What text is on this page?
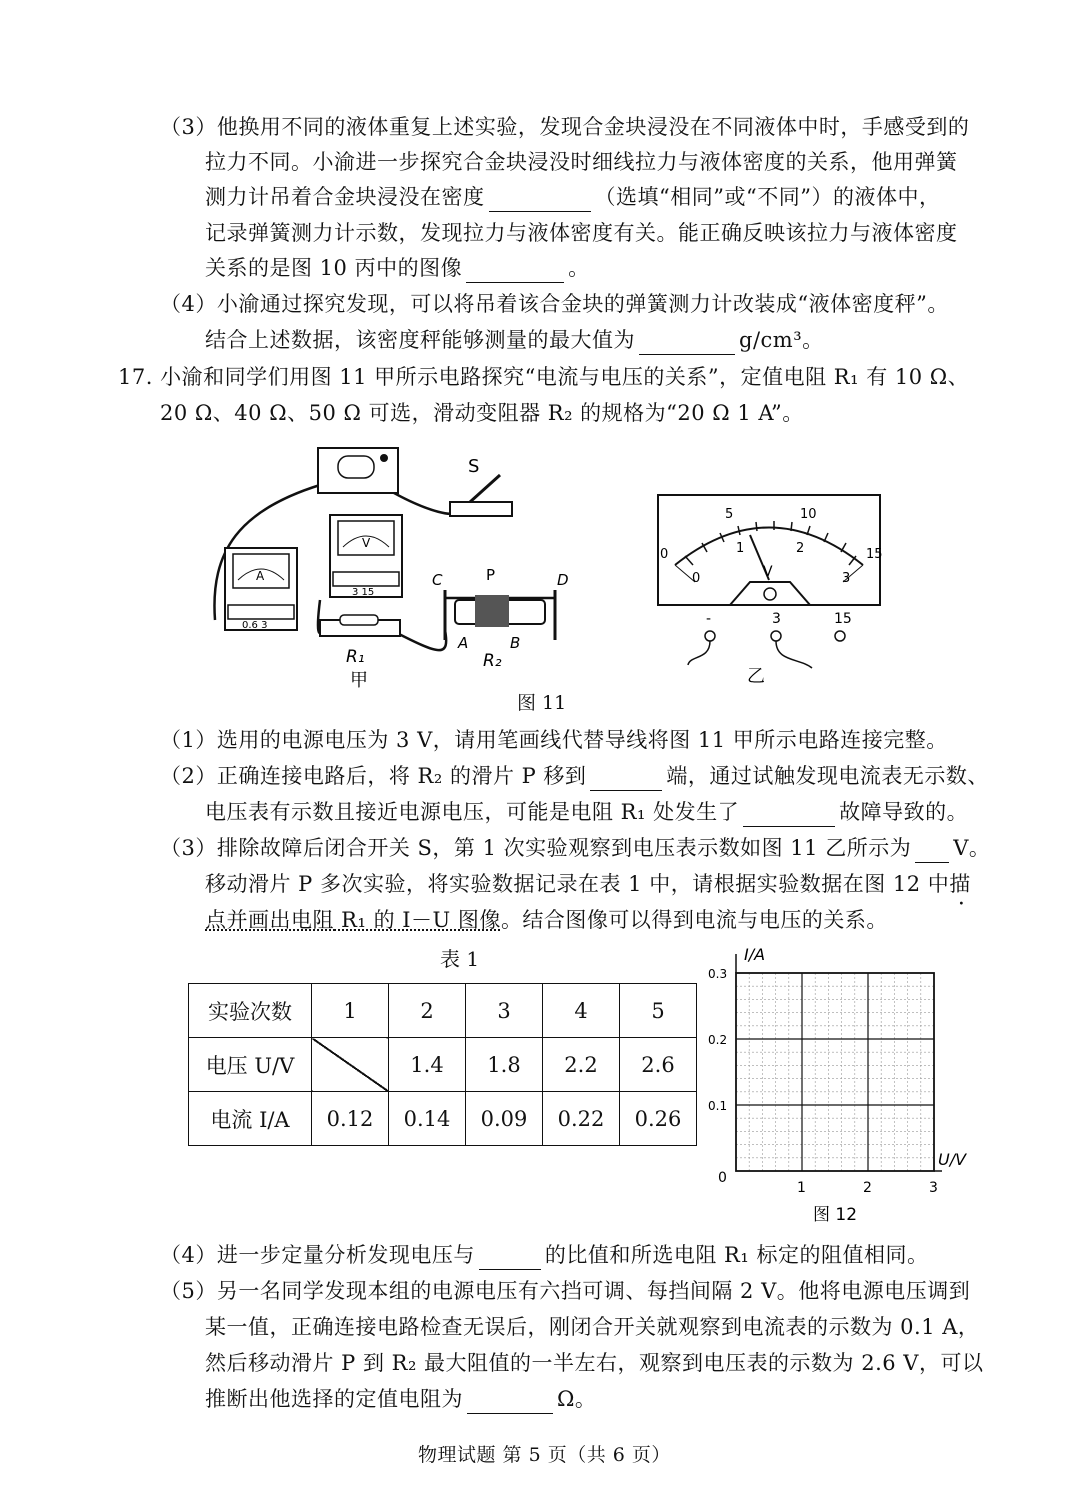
（3）他换用不同的液体重复上述实验，发现合金块浸没在不同液体中时，手感受到的
拉力不同。小渝进一步探究合金块浸没时细线拉力与液体密度的关系，他用弹簧
测力计吊着合金块浸没在密度	（选填“相同”或“不同”）的液体中，
记录弹簧测力计示数，发现拉力与液体密度有关。能正确反映该拉力与液体密度
关系的是图 10 丙中的图像	。
（4）小渝通过探究发现，可以将吊着该合金块的弹簧测力计改装成“液体密度秤”。
结合上述数据，该密度秤能够测量的最大值为	g/cm³。
17. 小渝和同学们用图 11 甲所示电路探究“电流与电压的关系”，定值电阻 R₁ 有 10 Ω、
20 Ω、40 Ω、50 Ω 可选，滑动变阻器 R₂ 的规格为“20 Ω 1 A”。
S
A
0.6 3
V
3 15
R₁
甲
C	P	D
A	B
R₂
V
0
5	10
15
0
1	2
3
-	3	15
乙
图 11
（1）选用的电源电压为 3 V，请用笔画线代替导线将图 11 甲所示电路连接完整。
（2）正确连接电路后，将 R₂ 的滑片 P 移到	端，通过试触发现电流表无示数、
电压表有示数且接近电源电压，可能是电阻 R₁ 处发生了	故障导致的。
（3）排除故障后闭合开关 S，第 1 次实验观察到电压表示数如图 11 乙所示为 V。
移动滑片 P 多次实验，将实验数据记录在表 1 中，请根据实验数据在图 12 中描
点并画出电阻 R₁ 的 I－U 图像。结合图像可以得到电流与电压的关系。
表 1
实验次数	1	2	3	4	5
电压 U/V		1.4	1.8	2.2	2.6
电流 I/A	0.12	0.14	0.09	0.22	0.26
I/A
U/V
0.3
0.2
0.1
0
1	2	3
图 12
（4）进一步定量分析发现电压与	的比值和所选电阻 R₁ 标定的阻值相同。
（5）另一名同学发现本组的电源电压有六挡可调、每挡间隔 2 V。他将电源电压调到
某一值，正确连接电路检查无误后，刚闭合开关就观察到电流表的示数为 0.1 A，
然后移动滑片 P 到 R₂ 最大阻值的一半左右，观察到电压表的示数为 2.6 V，可以
推断出他选择的定值电阻为	Ω。
物理试题 第 5 页（共 6 页）
